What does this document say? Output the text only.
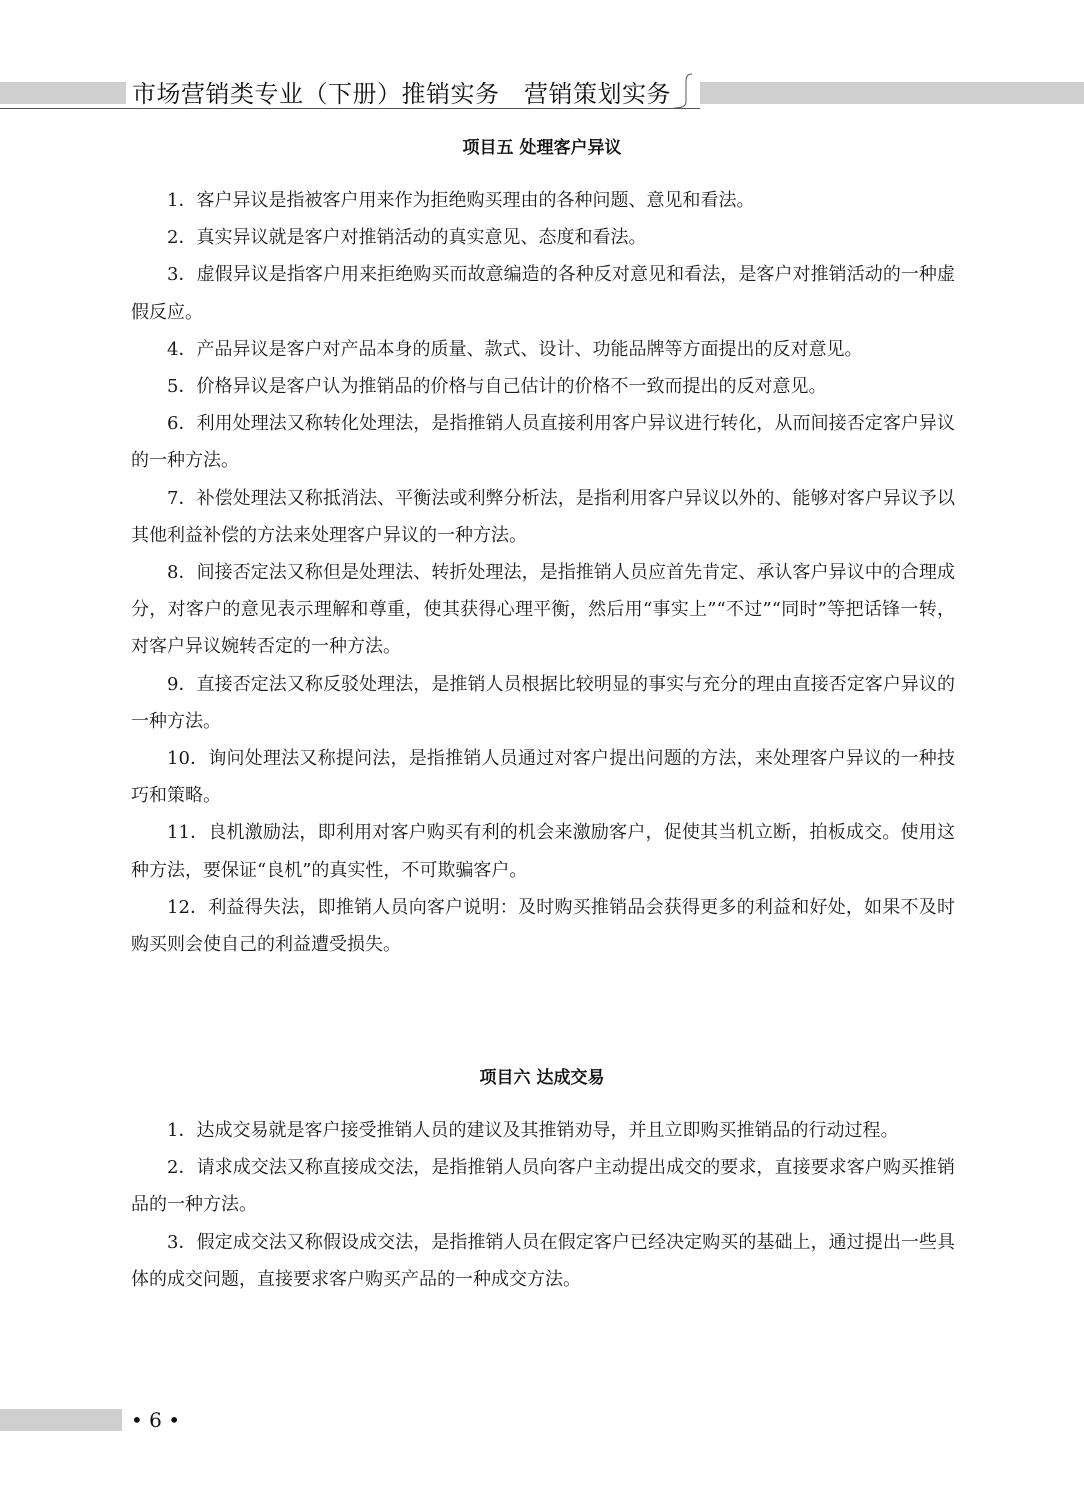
市场营销类专业（下册）推销实务　营销策划实务
项目五 处理客户异议

1．客户异议是指被客户用来作为拒绝购买理由的各种问题、意见和看法。

2．真实异议就是客户对推销活动的真实意见、态度和看法。

3．虚假异议是指客户用来拒绝购买而故意编造的各种反对意见和看法，是客户对推销活动的一种虚假反应。

4．产品异议是客户对产品本身的质量、款式、设计、功能品牌等方面提出的反对意见。

5．价格异议是客户认为推销品的价格与自己估计的价格不一致而提出的反对意见。

6．利用处理法又称转化处理法，是指推销人员直接利用客户异议进行转化，从而间接否定客户异议的一种方法。

7．补偿处理法又称抵消法、平衡法或利弊分析法，是指利用客户异议以外的、能够对客户异议予以其他利益补偿的方法来处理客户异议的一种方法。

8．间接否定法又称但是处理法、转折处理法，是指推销人员应首先肯定、承认客户异议中的合理成分，对客户的意见表示理解和尊重，使其获得心理平衡，然后用“事实上”“不过”“同时”等把话锋一转，对客户异议婉转否定的一种方法。

9．直接否定法又称反驳处理法，是推销人员根据比较明显的事实与充分的理由直接否定客户异议的一种方法。

10．询问处理法又称提问法，是指推销人员通过对客户提出问题的方法，来处理客户异议的一种技巧和策略。

11．良机激励法，即利用对客户购买有利的机会来激励客户，促使其当机立断，拍板成交。使用这种方法，要保证“良机”的真实性，不可欺骗客户。

12．利益得失法，即推销人员向客户说明：及时购买推销品会获得更多的利益和好处，如果不及时购买则会使自己的利益遭受损失。

项目六 达成交易

1．达成交易就是客户接受推销人员的建议及其推销劝导，并且立即购买推销品的行动过程。

2．请求成交法又称直接成交法，是指推销人员向客户主动提出成交的要求，直接要求客户购买推销品的一种方法。

3．假定成交法又称假设成交法，是指推销人员在假定客户已经决定购买的基础上，通过提出一些具体的成交问题，直接要求客户购买产品的一种成交方法。

• 6 •
